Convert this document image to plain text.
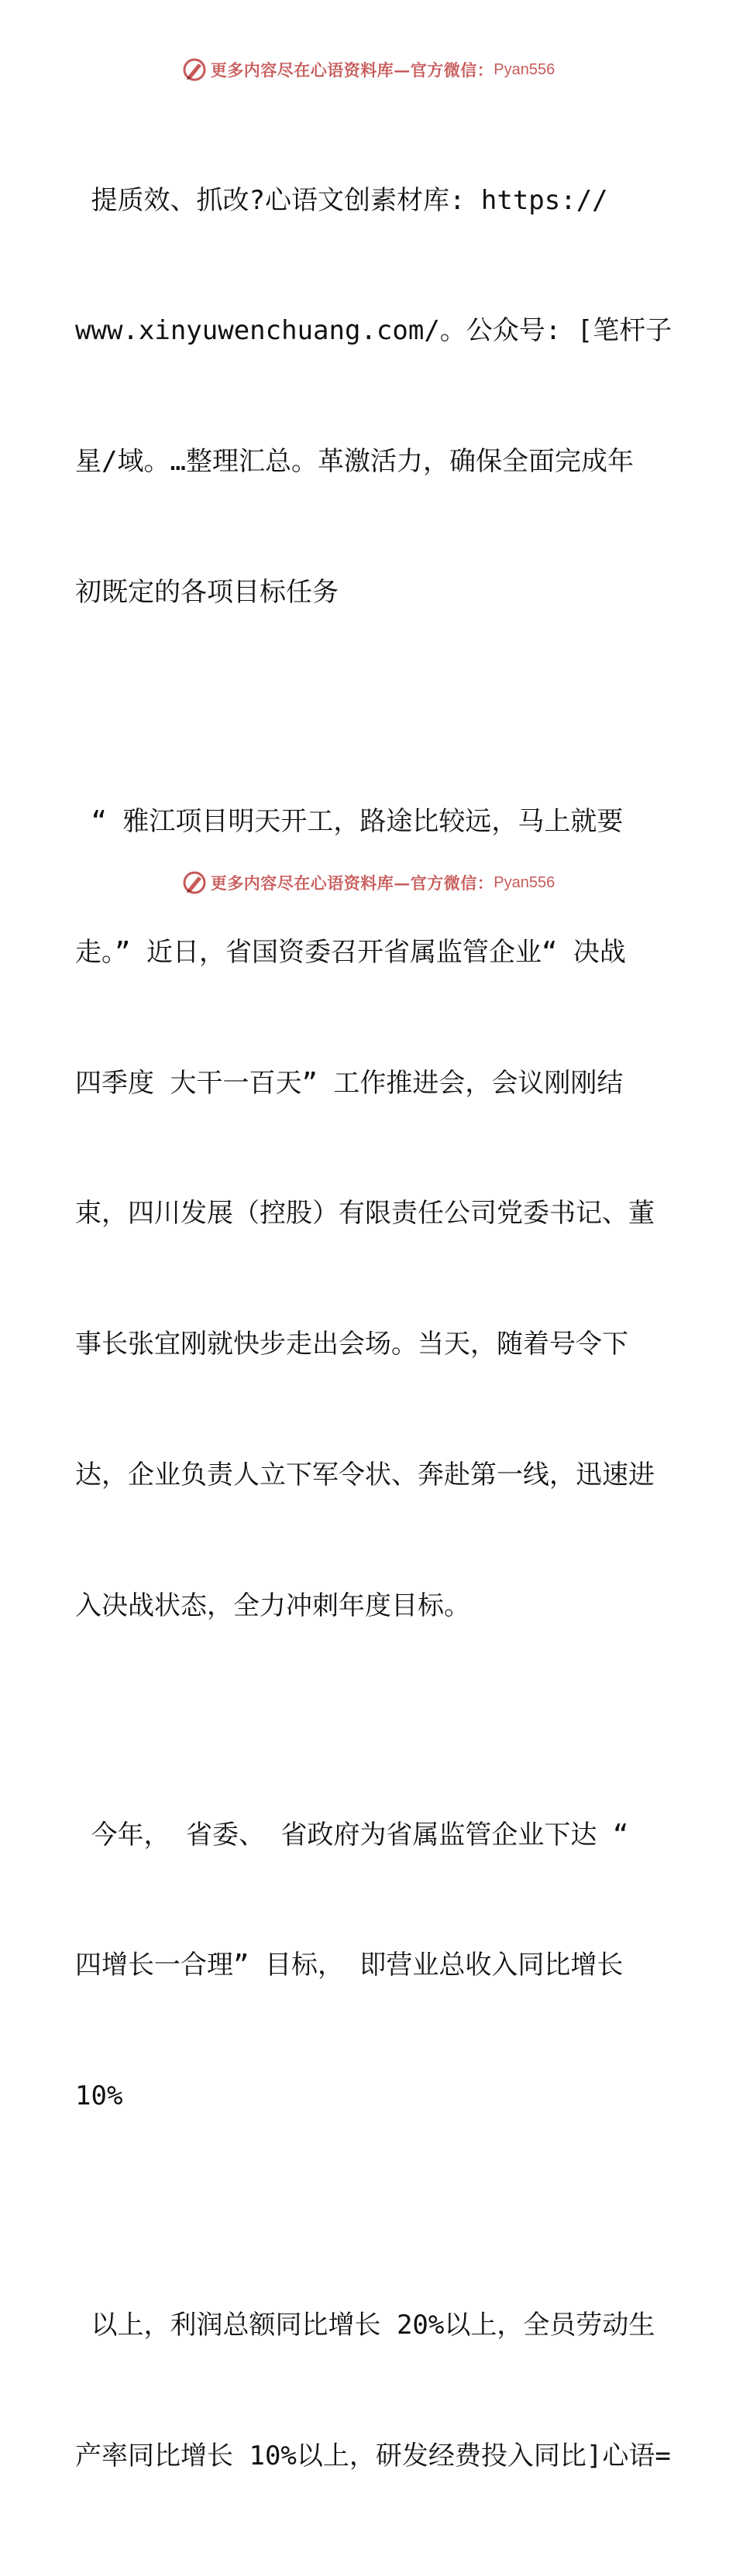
更多内容尽在心语资料库—官方微信： Pyan556

提质效、抓改?心语文创素材库: https://

www.xinyuwenchuang.com/。公众号: [笔杆子

星/域。…整理汇总。革激活力，确保全面完成年

初既定的各项目标任务

“ 雅江项目明天开工，路途比较远，马上就要

走。” 近日，省国资委召开省属监管企业“ 决战

四季度 大干一百天” 工作推进会，会议刚刚结

束，四川发展（控股）有限责任公司党委书记、董

事长张宜刚就快步走出会场。当天，随着号令下

达，企业负责人立下军令状、奔赴第一线，迅速进

入决战状态，全力冲刺年度目标。

今年， 省委、 省政府为省属监管企业下达 “

四增长一合理” 目标， 即营业总收入同比增长

10%

以上，利润总额同比增长 20%以上，全员劳动生

产率同比增长 10%以上，研发经费投入同比]心语=

更多内容尽在心语资料库—官方微信： Pyan556
